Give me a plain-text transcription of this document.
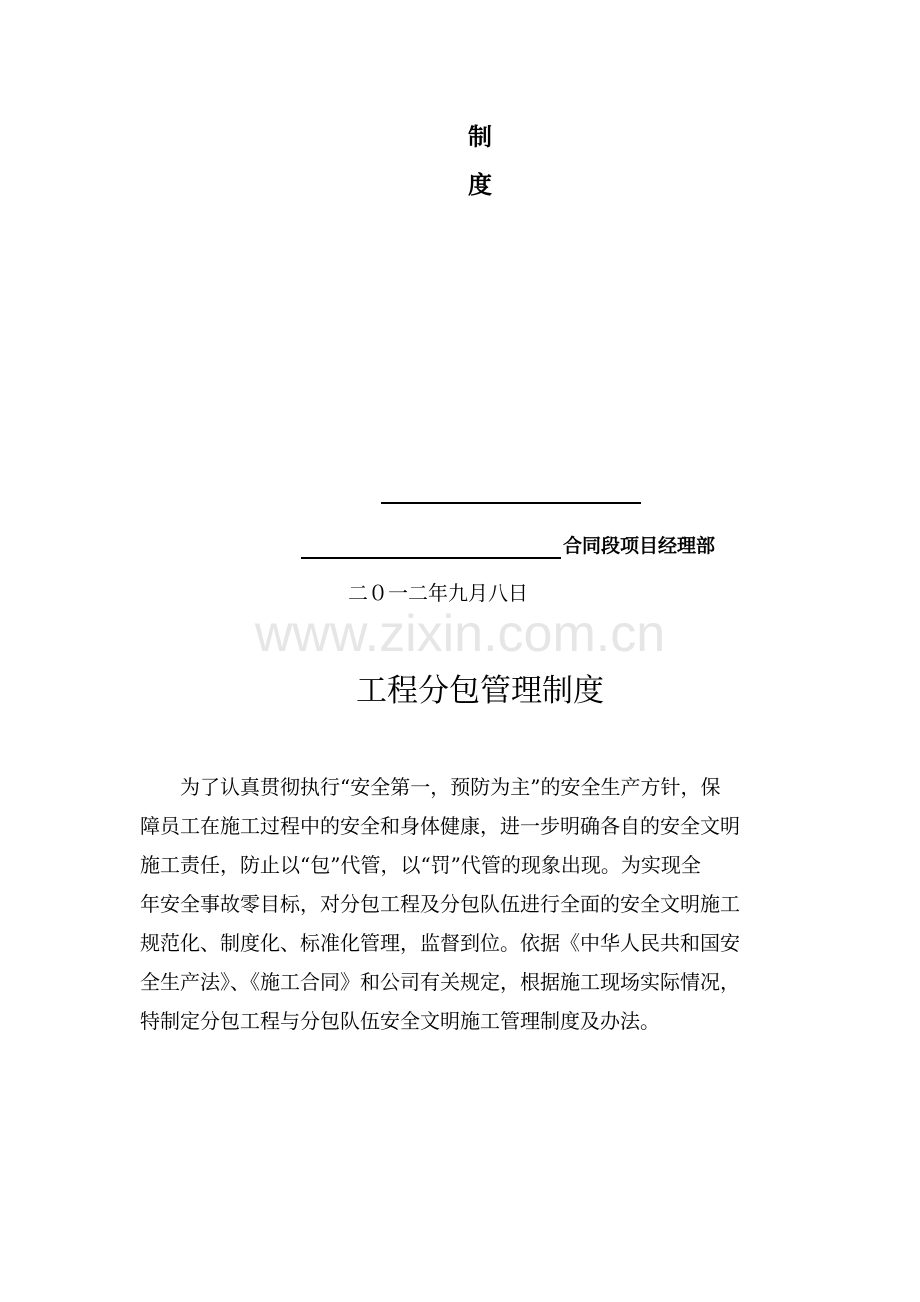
制
度
合同段项目经理部
二０一二年九月八日
www.zixin.com.cn
工程分包管理制度
为了认真贯彻执行“安全第一，预防为主”的安全生产方针，保
障员工在施工过程中的安全和身体健康，进一步明确各自的安全文明
施工责任，防止以“包”代管，以“罚”代管的现象出现。为实现全
年安全事故零目标，对分包工程及分包队伍进行全面的安全文明施工
规范化、制度化、标准化管理，监督到位。依据《中华人民共和国安
全生产法》、《施工合同》和公司有关规定，根据施工现场实际情况，
特制定分包工程与分包队伍安全文明施工管理制度及办法。
